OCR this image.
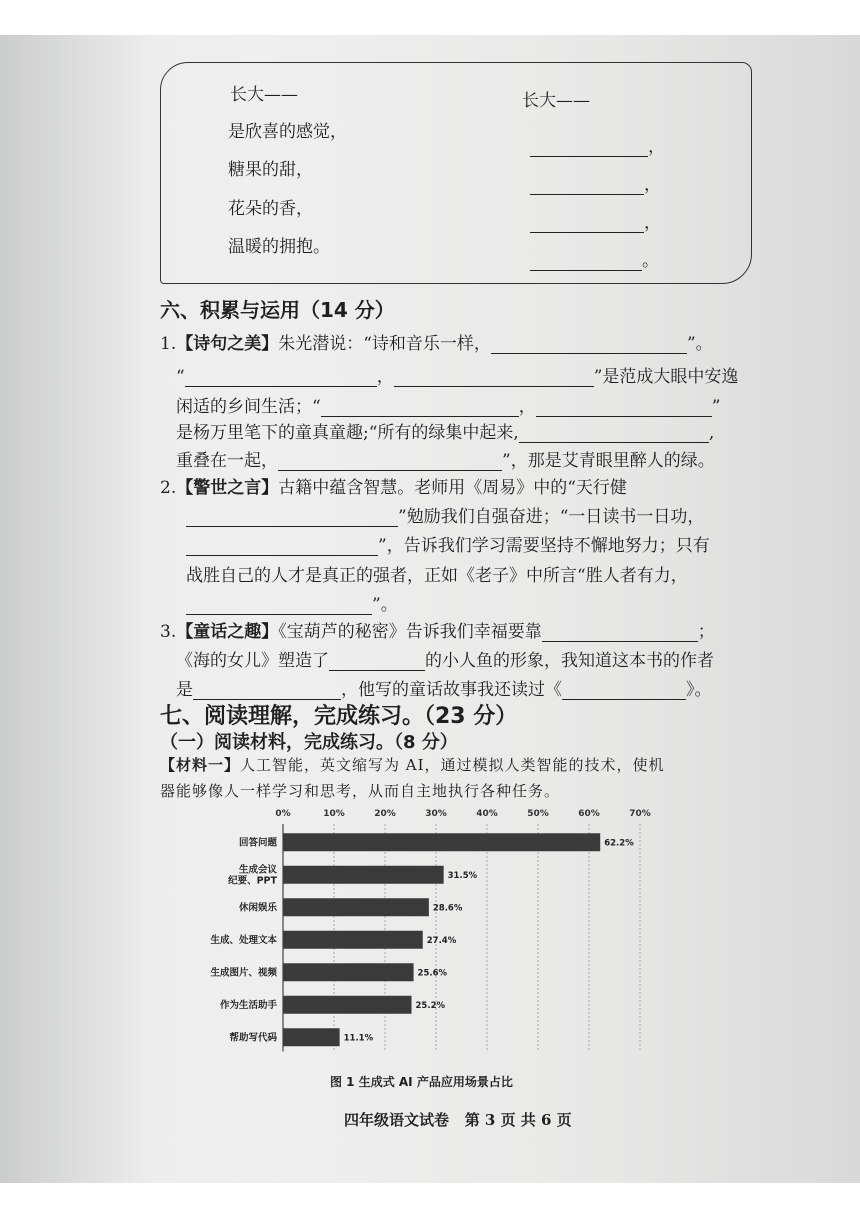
长大——
是欣喜的感觉，
糖果的甜，
花朵的香，
温暖的拥抱。
长大——
，
，
，
。
六、积累与运用（14 分）
1.【诗句之美】朱光潜说：“诗和音乐一样，	”。
“	，	”是范成大眼中安逸
闲适的乡间生活；“	，	”
是杨万里笔下的童真童趣;“所有的绿集中起来,	,
重叠在一起，	”，那是艾青眼里醉人的绿。
2.【警世之言】古籍中蕴含智慧。老师用《周易》中的“天行健
”勉励我们自强奋进；“一日读书一日功，
”，告诉我们学习需要坚持不懈地努力；只有
战胜自己的人才是真正的强者，正如《老子》中所言“胜人者有力，
”。
3.【童话之趣】《宝葫芦的秘密》告诉我们幸福要靠	；
《海的女儿》塑造了	的小人鱼的形象，我知道这本书的作者
是	，他写的童话故事我还读过《	》。
七、阅读理解，完成练习。（23 分）
（一）阅读材料，完成练习。（8 分）
【材料一】人工智能，英文缩写为 AI，通过模拟人类智能的技术，使机
器能够像人一样学习和思考，从而自主地执行各种任务。
0%	10%	20%	30%	40%	50%	60%	70%
62.2%
回答问题
31.5%
生成会议
纪要、PPT
28.6%
休闲娱乐
27.4%
生成、处理文本
25.6%
生成图片、视频
25.2%
作为生活助手
11.1%
帮助写代码
图 1 生成式 AI 产品应用场景占比
四年级语文试卷 第 3 页 共 6 页
